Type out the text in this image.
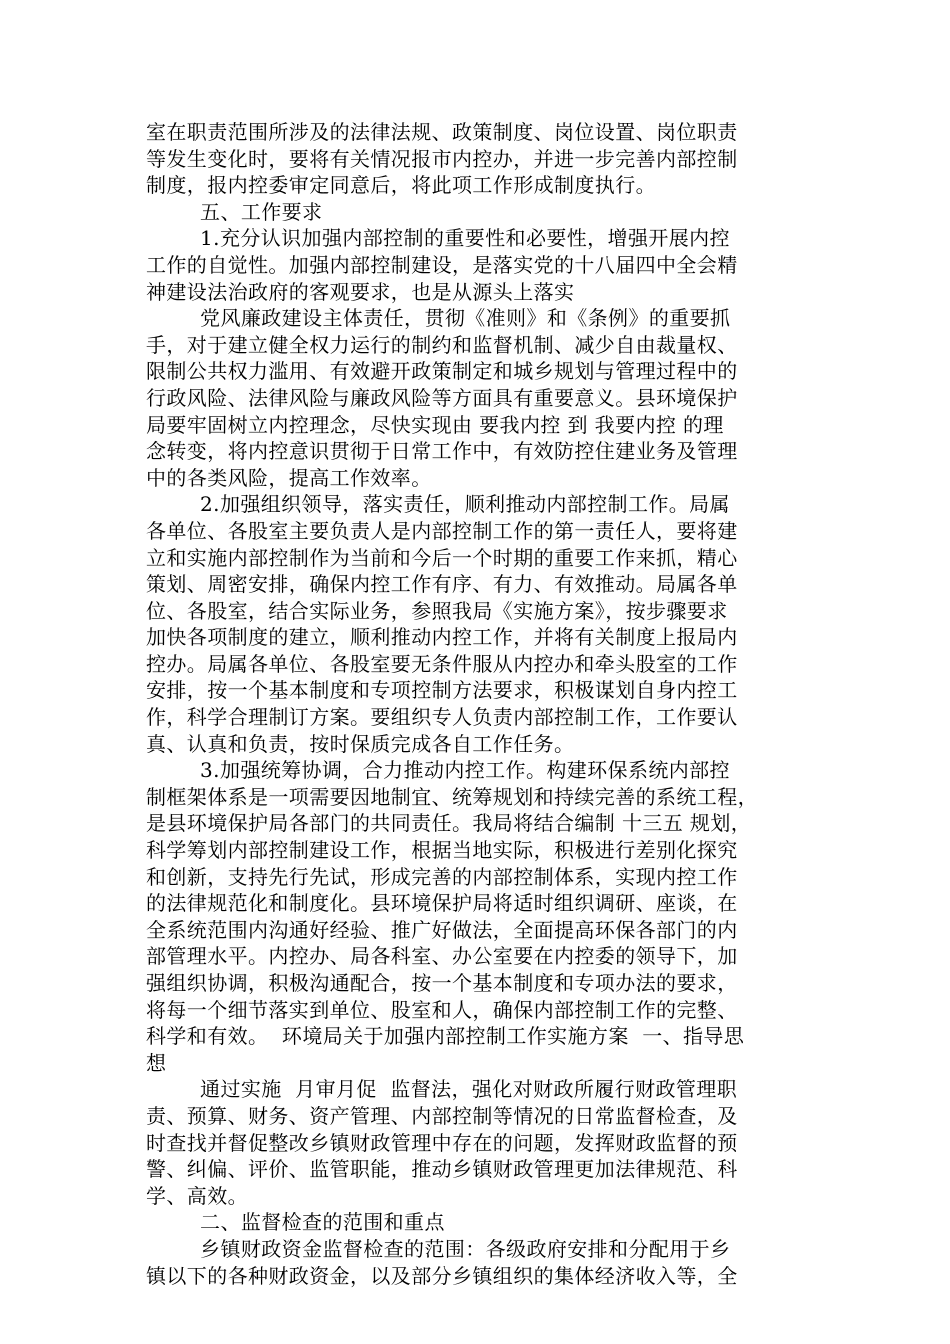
室在职责范围所涉及的法律法规、政策制度、岗位设置、岗位职责
等发生变化时，要将有关情况报市内控办，并进一步完善内部控制
制度，报内控委审定同意后，将此项工作形成制度执行。
五、工作要求
1.充分认识加强内部控制的重要性和必要性，增强开展内控
工作的自觉性。加强内部控制建设，是落实党的十八届四中全会精
神建设法治政府的客观要求，也是从源头上落实
党风廉政建设主体责任，贯彻《准则》和《条例》的重要抓
手，对于建立健全权力运行的制约和监督机制、减少自由裁量权、
限制公共权力滥用、有效避开政策制定和城乡规划与管理过程中的
行政风险、法律风险与廉政风险等方面具有重要意义。县环境保护
局要牢固树立内控理念，尽快实现由 要我内控 到 我要内控 的理
念转变，将内控意识贯彻于日常工作中，有效防控住建业务及管理
中的各类风险，提高工作效率。
2.加强组织领导，落实责任，顺利推动内部控制工作。局属
各单位、各股室主要负责人是内部控制工作的第一责任人，要将建
立和实施内部控制作为当前和今后一个时期的重要工作来抓，精心
策划、周密安排，确保内控工作有序、有力、有效推动。局属各单
位、各股室，结合实际业务，参照我局《实施方案》，按步骤要求
加快各项制度的建立，顺利推动内控工作，并将有关制度上报局内
控办。局属各单位、各股室要无条件服从内控办和牵头股室的工作
安排，按一个基本制度和专项控制方法要求，积极谋划自身内控工
作，科学合理制订方案。要组织专人负责内部控制工作，工作要认
真、认真和负责，按时保质完成各自工作任务。
3.加强统筹协调，合力推动内控工作。构建环保系统内部控
制框架体系是一项需要因地制宜、统筹规划和持续完善的系统工程，
是县环境保护局各部门的共同责任。我局将结合编制 十三五 规划，
科学筹划内部控制建设工作，根据当地实际，积极进行差别化探究
和创新，支持先行先试，形成完善的内部控制体系，实现内控工作
的法律规范化和制度化。县环境保护局将适时组织调研、座谈，在
全系统范围内沟通好经验、推广好做法，全面提高环保各部门的内
部管理水平。内控办、局各科室、办公室要在内控委的领导下，加
强组织协调，积极沟通配合，按一个基本制度和专项办法的要求，
将每一个细节落实到单位、股室和人，确保内部控制工作的完整、
科学和有效。  环境局关于加强内部控制工作实施方案  一、指导思
想
通过实施  月审月促  监督法，强化对财政所履行财政管理职
责、预算、财务、资产管理、内部控制等情况的日常监督检查，及
时查找并督促整改乡镇财政管理中存在的问题，发挥财政监督的预
警、纠偏、评价、监管职能，推动乡镇财政管理更加法律规范、科
学、高效。
二、监督检查的范围和重点
乡镇财政资金监督检查的范围：各级政府安排和分配用于乡
镇以下的各种财政资金，以及部分乡镇组织的集体经济收入等，全
